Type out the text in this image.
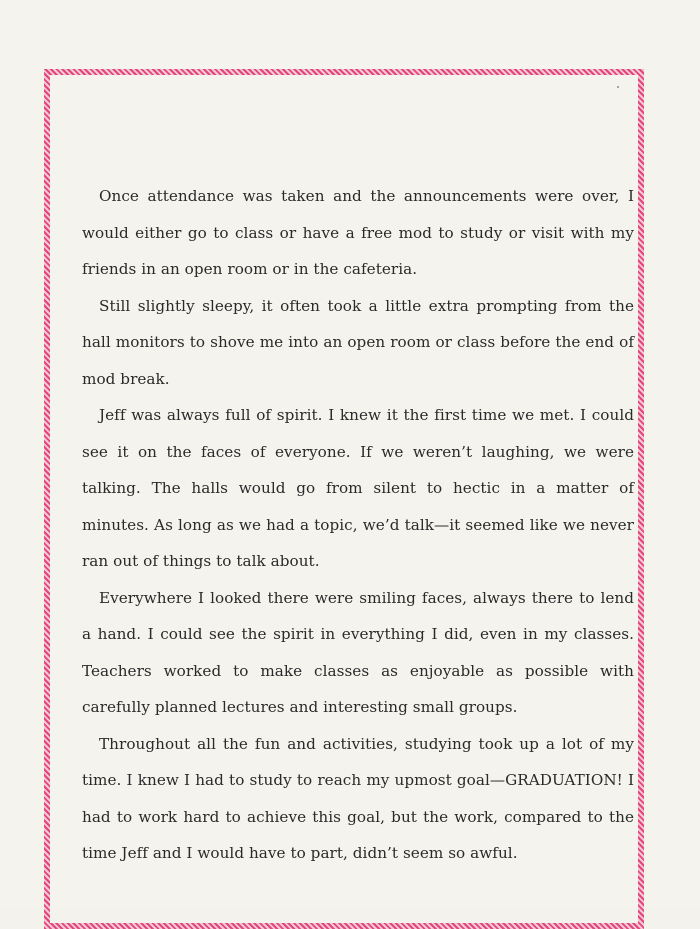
Once attendance was taken and the announcements were over, I would either go to class or have a free mod to study or visit with my friends in an open room or in the cafeteria.

Still slightly sleepy, it often took a little extra prompting from the hall monitors to shove me into an open room or class before the end of mod break.

Jeff was always full of spirit. I knew it the first time we met. I could see it on the faces of everyone. If we weren’t laughing, we were talking. The halls would go from silent to hectic in a matter of minutes. As long as we had a topic, we’d talk—it seemed like we never ran out of things to talk about.

Everywhere I looked there were smiling faces, always there to lend a hand. I could see the spirit in everything I did, even in my classes. Teachers worked to make classes as enjoyable as possible with carefully planned lectures and interesting small groups.

Throughout all the fun and activities, studying took up a lot of my time. I knew I had to study to reach my upmost goal—GRADUATION! I had to work hard to achieve this goal, but the work, compared to the time Jeff and I would have to part, didn’t seem so awful.
